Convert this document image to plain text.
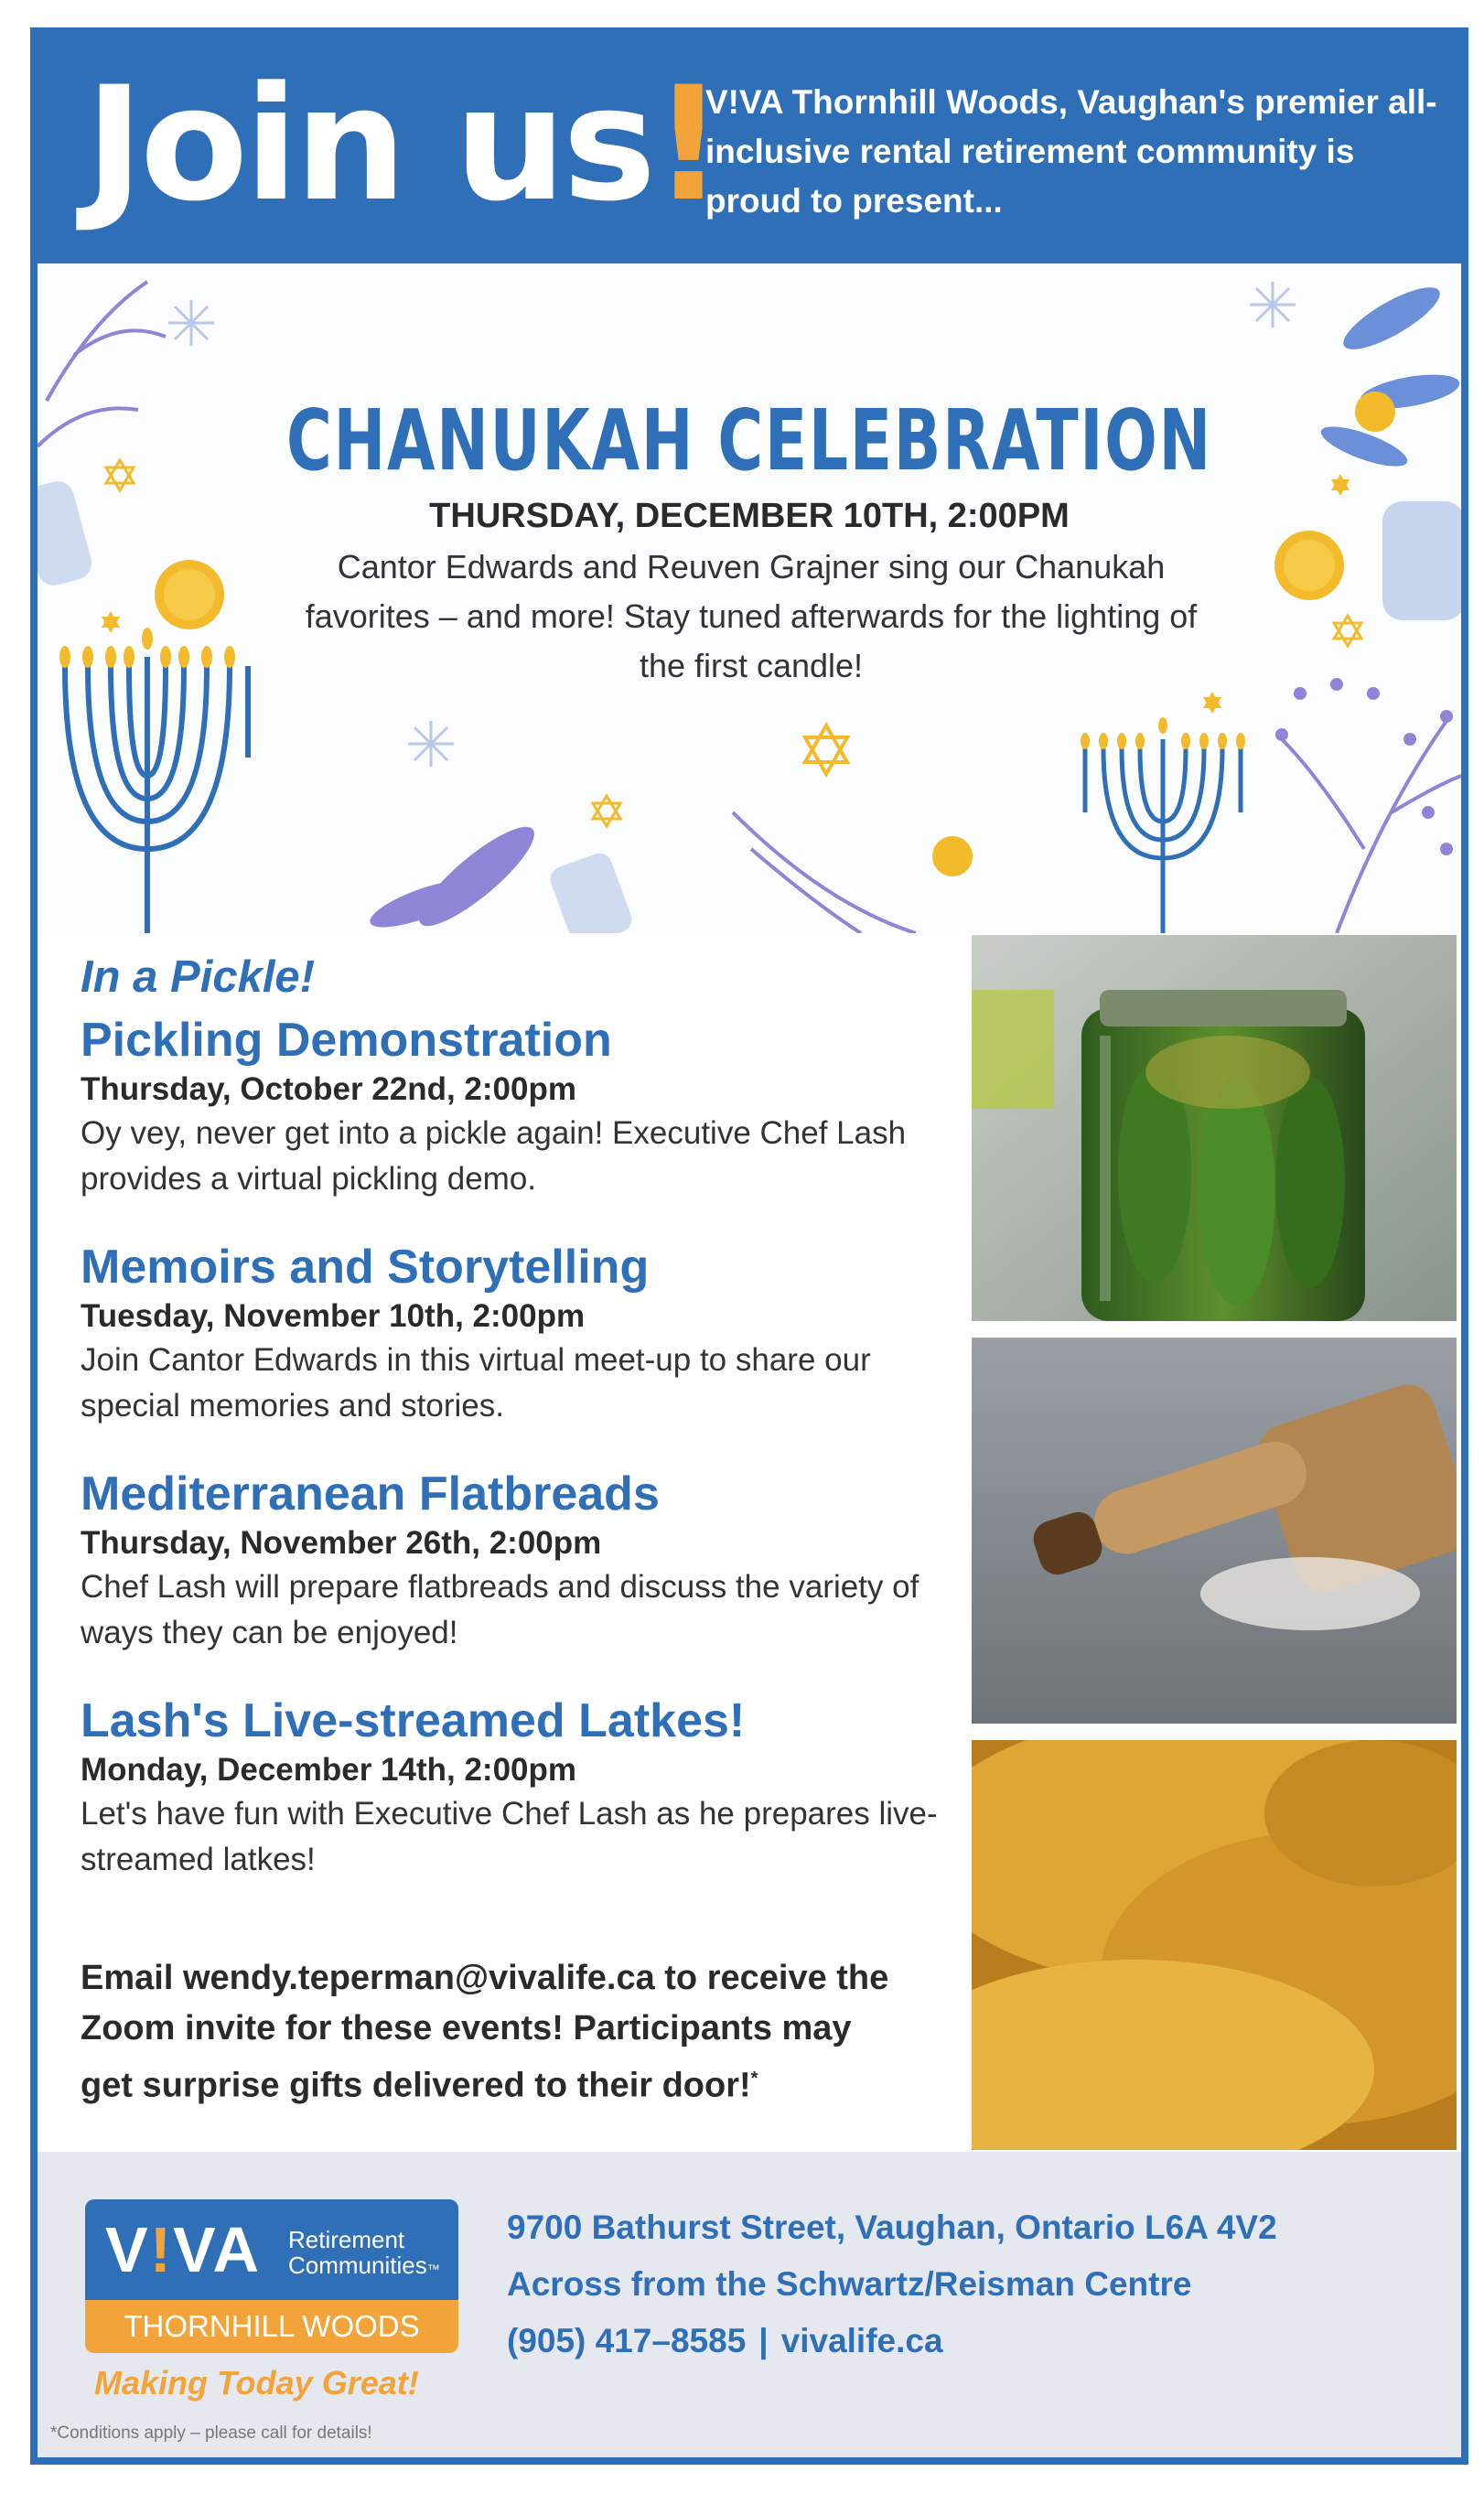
Join us!
V!VA Thornhill Woods, Vaughan's premier all-inclusive rental retirement community is proud to present...
CHANUKAH CELEBRATION
THURSDAY, DECEMBER 10TH, 2:00PM
Cantor Edwards and Reuven Grajner sing our Chanukah favorites – and more! Stay tuned afterwards for the lighting of the first candle!
In a Pickle!
Pickling Demonstration
Thursday, October 22nd, 2:00pm
Oy vey, never get into a pickle again! Executive Chef Lash provides a virtual pickling demo.
Memoirs and Storytelling
Tuesday, November 10th, 2:00pm
Join Cantor Edwards in this virtual meet-up to share our special memories and stories.
Mediterranean Flatbreads
Thursday, November 26th, 2:00pm
Chef Lash will prepare flatbreads and discuss the variety of ways they can be enjoyed!
Lash's Live-streamed Latkes!
Monday, December 14th, 2:00pm
Let's have fun with Executive Chef Lash as he prepares live-streamed latkes!
Email wendy.teperman@vivalife.ca to receive the Zoom invite for these events! Participants may get surprise gifts delivered to their door!*
V!VA Retirement
Communities™
THORNHILL WOODS
Making Today Great!
*Conditions apply – please call for details!
9700 Bathurst Street, Vaughan, Ontario L6A 4V2
Across from the Schwartz/Reisman Centre
(905) 417–8585 | vivalife.ca
